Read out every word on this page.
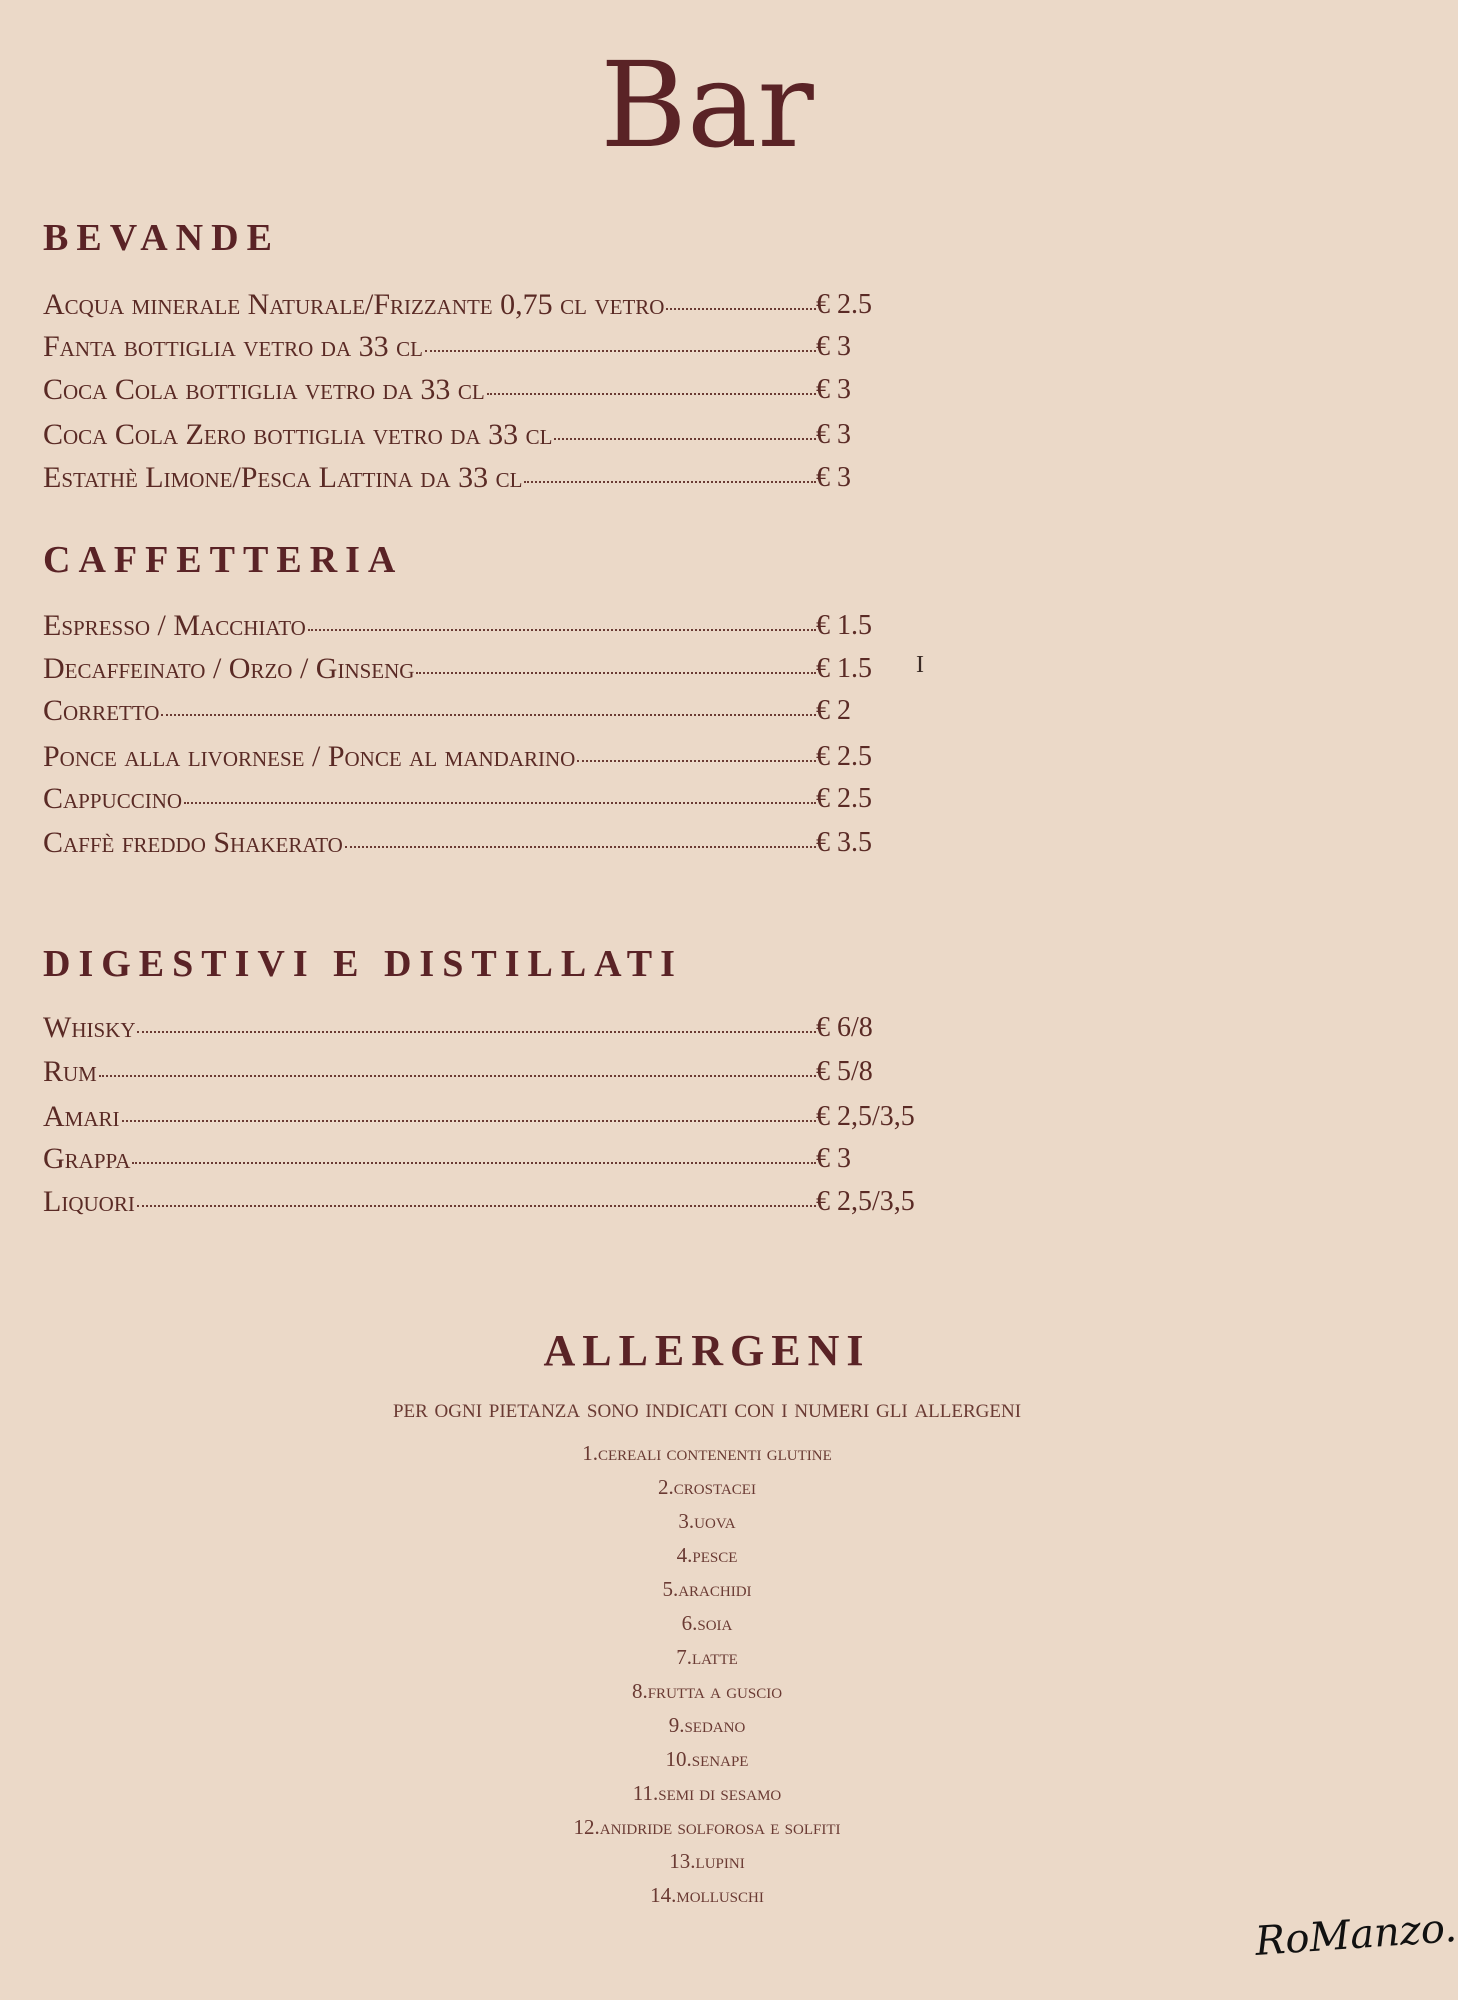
Bar
BEVANDE
Acqua minerale Naturale/Frizzante 0,75 cl vetro	€ 2.5
Fanta bottiglia vetro da 33 cl	€ 3
Coca Cola bottiglia vetro da 33 cl	€ 3
Coca Cola Zero bottiglia vetro da 33 cl	€ 3
Estathè Limone/Pesca Lattina da 33 cl	€ 3
CAFFETTERIA
Espresso / Macchiato	€ 1.5
Decaffeinato / Orzo / Ginseng	€ 1.5
Corretto	€ 2
Ponce alla livornese / Ponce al mandarino	€ 2.5
Cappuccino	€ 2.5
Caffè freddo Shakerato	€ 3.5
DIGESTIVI E DISTILLATI
Whisky	€ 6/8
Rum	€ 5/8
Amari	€ 2,5/3,5
Grappa	€ 3
Liquori	€ 2,5/3,5
I
ALLERGENI
per ogni pietanza sono indicati con i numeri gli allergeni
1.cereali contenenti glutine
2.crostacei
3.uova
4.pesce
5.arachidi
6.soia
7.latte
8.frutta a guscio
9.sedano
10.senape
11.semi di sesamo
12.anidride solforosa e solfiti
13.lupini
14.molluschi
RoManzo.
